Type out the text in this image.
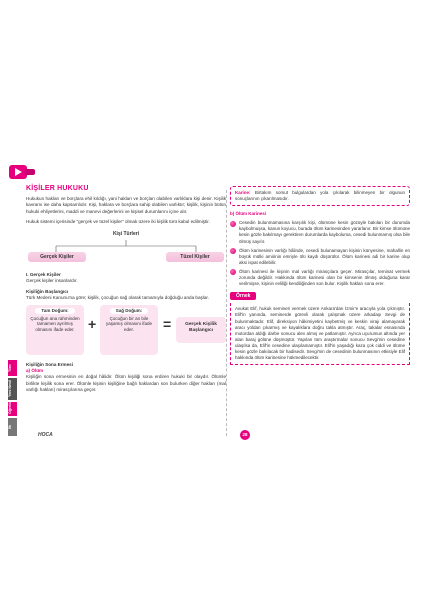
Tüm
Yeni Nesil
Öğretici
İlk
KİŞİLER HUKUKU

Hukukun hakları ve borçlara ehil kıldığı, yani hakları ve borçları olabilen varlıklara kişi denir. Kişilik kavramı ise daha kapsamlıdır. Kişi, haklara ve borçlara sahip olabilen varlıktır; kişilik, kişinin bütün hukuki ehliyetlerini, maddi ve manevi değerlerini ve kişisel durumlarını içine alır.

Hukuk sistemi içerisinde "gerçek ve tüzel kişiler" olmak üzere iki kişilik türü kabul edilmiştir.

Kişi Türleri
Gerçek Kişiler	Tüzel Kişiler
I. Gerçek Kişiler

Gerçek kişiler insanlardır.

Kişiliğin Başlangıcı

Türk Medeni Kanunu'na göre; kişilik, çocuğun sağ olarak tamamıyla doğduğu anda başlar.

Tam Doğum:
Çocuğun ana rahminden tamamen ayrılmış olmasını ifade eder. +
Sağ Doğum:
Çocuğun bir an bile yaşamış olmasını ifade eder.	=	Gerçek Kişilik Başlangıcı
Kişiliğin Sona Ermesi
a) Ölüm

Kişiliğin sona ermesinin en doğal hâlidir. Ölüm kişiliği sona erdiren hukuki bir olaydır. Ölümle birlikte kişilik sona erer. Ölümle kişinin kişiliğine bağlı haklardan son bulurken diğer hakları (mal varlığı hakları) mirasçılarına geçer.

Karine: Birtakım somut bulgulardan yola çıkılarak bilinmeyen bir olgunun sonuçlarının çıkarılmasıdır.
b) Ölüm Karinesi
Cesedin bulunmamasına karşılık kişi, ölümüne kesin gözüyle bakılan bir durumda kaybolmuşsa, kanun koyucu, burada ölüm karinesinden yararlanır. Bir kimse ölümüne kesin gözle bakılmayı gerektiren durumlarda kaybolursa, cesedi bulunmamış olsa bile ölmüş sayılır.
Ölüm karinesinin varlığı hâlinde, cesedi bulunamayan kişinin künyesine, mahallin en büyük mülki amirinin emriyle ölü kaydı düşürülür. Ölüm karinesi adi bir karine olup aksi ispat edilebilir.
Ölüm karinesi ile kişinin mal varlığı mirasçılara geçer. Mirasçılar, teminat vermek zorunda değildir. Hakkında ölüm karinesi olan bir kimsenin ölmüş olduğuna karar verilmişse, kişinin evliliği kendiliğinden son bulur. Kişilik hakları sona erer.
Örnek
Avukat Elif, hukuk semineri vermek üzere Ankara'dan İzmir'e aracıyla yola çıkmıştır. Elif'in yanında, seminerde görevli olarak çalışmak üzere arkadaşı Sevgi de bulunmaktadır. Elif, direksiyon hâkimiyetini kaybetmiş ve keskin virajı alamayarak aracı yoldan çıkarmış ve kayalıklara doğru takla atmıştır. Araç, takalar esnasında motordan aldığı darbe sonucu alev almış ve patlamıştır. Ayrıca uçurumun altında yer alan baraj gölüne düşmüştür. Yapılan tüm araştırmalar sonucu Sevgi'nin cesedine ulaşılsa da, Elif'in cesedine ulaşılamamıştır. Elif'in yaşadığı kaza çok ciddi ve ölüme kesin gözle bakılacak bir hadisedir. Sevgi'nin de cesedinin bulunmasının etkisiyle Elif hakkında ölüm karinesine hükmedilecektir.
HOCA	28
